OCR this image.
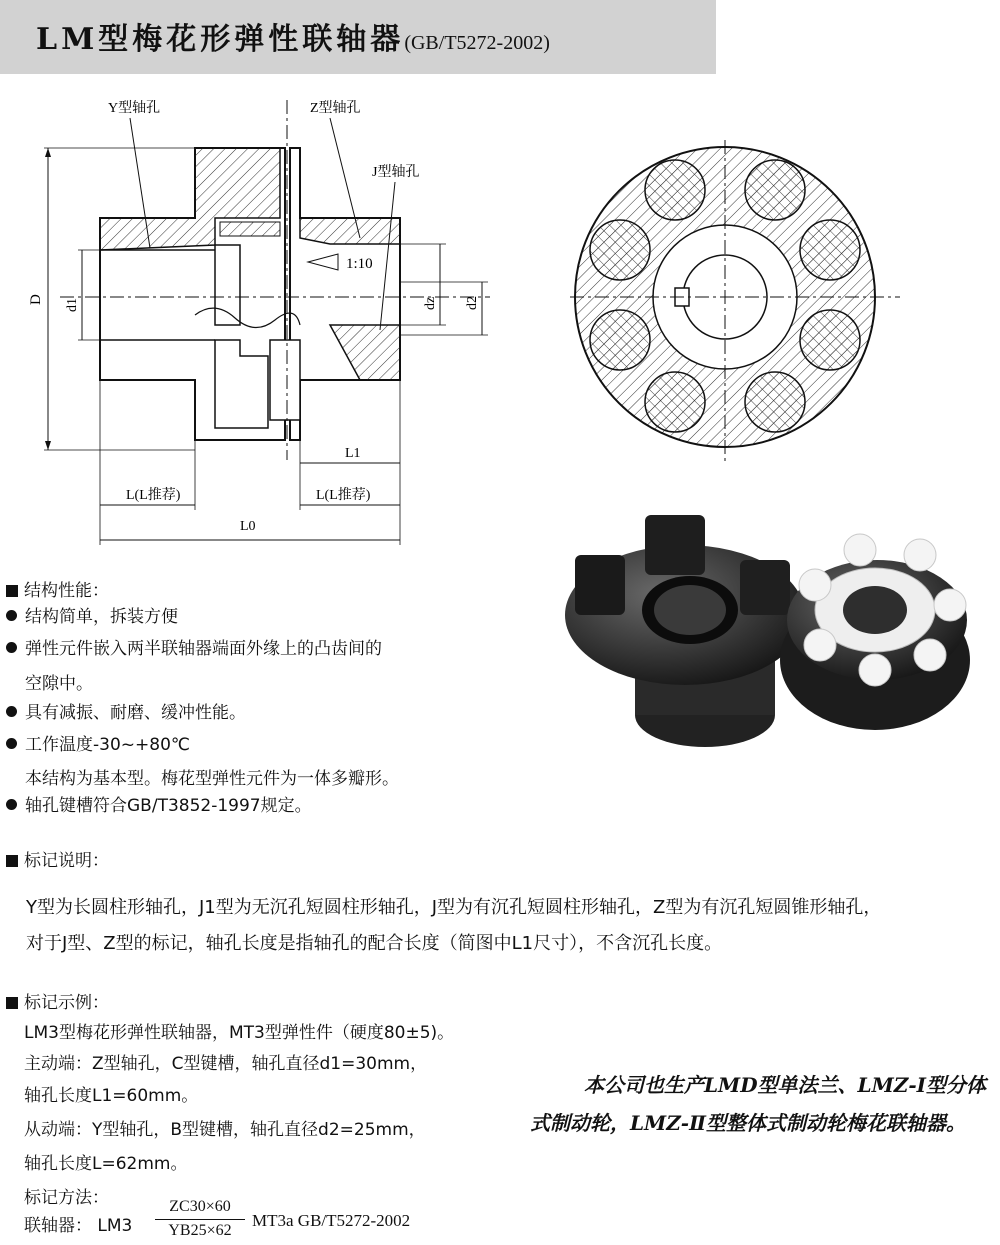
LM型梅花形弹性联轴器(GB/T5272-2002)
D d1	dz d2
1:10
Y型轴孔	Z型轴孔
J型轴孔
L1
L(L推荐)	L(L推荐)
L0
结构性能：
结构简单，拆装方便
弹性元件嵌入两半联轴器端面外缘上的凸齿间的
空隙中。
具有减振、耐磨、缓冲性能。
工作温度-30~+80℃
本结构为基本型。梅花型弹性元件为一体多瓣形。
轴孔键槽符合GB/T3852-1997规定。
标记说明：
Y型为长圆柱形轴孔，J1型为无沉孔短圆柱形轴孔，J型为有沉孔短圆柱形轴孔，Z型为有沉孔短圆锥形轴孔，
对于J型、Z型的标记，轴孔长度是指轴孔的配合长度（简图中L1尺寸），不含沉孔长度。
标记示例：
LM3型梅花形弹性联轴器，MT3型弹性件（硬度80±5)。
主动端：Z型轴孔，C型键槽，轴孔直径d1=30mm，
轴孔长度L1=60mm。
从动端：Y型轴孔，B型键槽，轴孔直径d2=25mm，
轴孔长度L=62mm。
标记方法：
联轴器： LM3
ZC30×60
YB25×62
MT3a GB/T5272-2002
本公司也生产LMD型单法兰、LMZ-Ⅰ型分体式制动轮，LMZ-Ⅱ型整体式制动轮梅花联轴器。
